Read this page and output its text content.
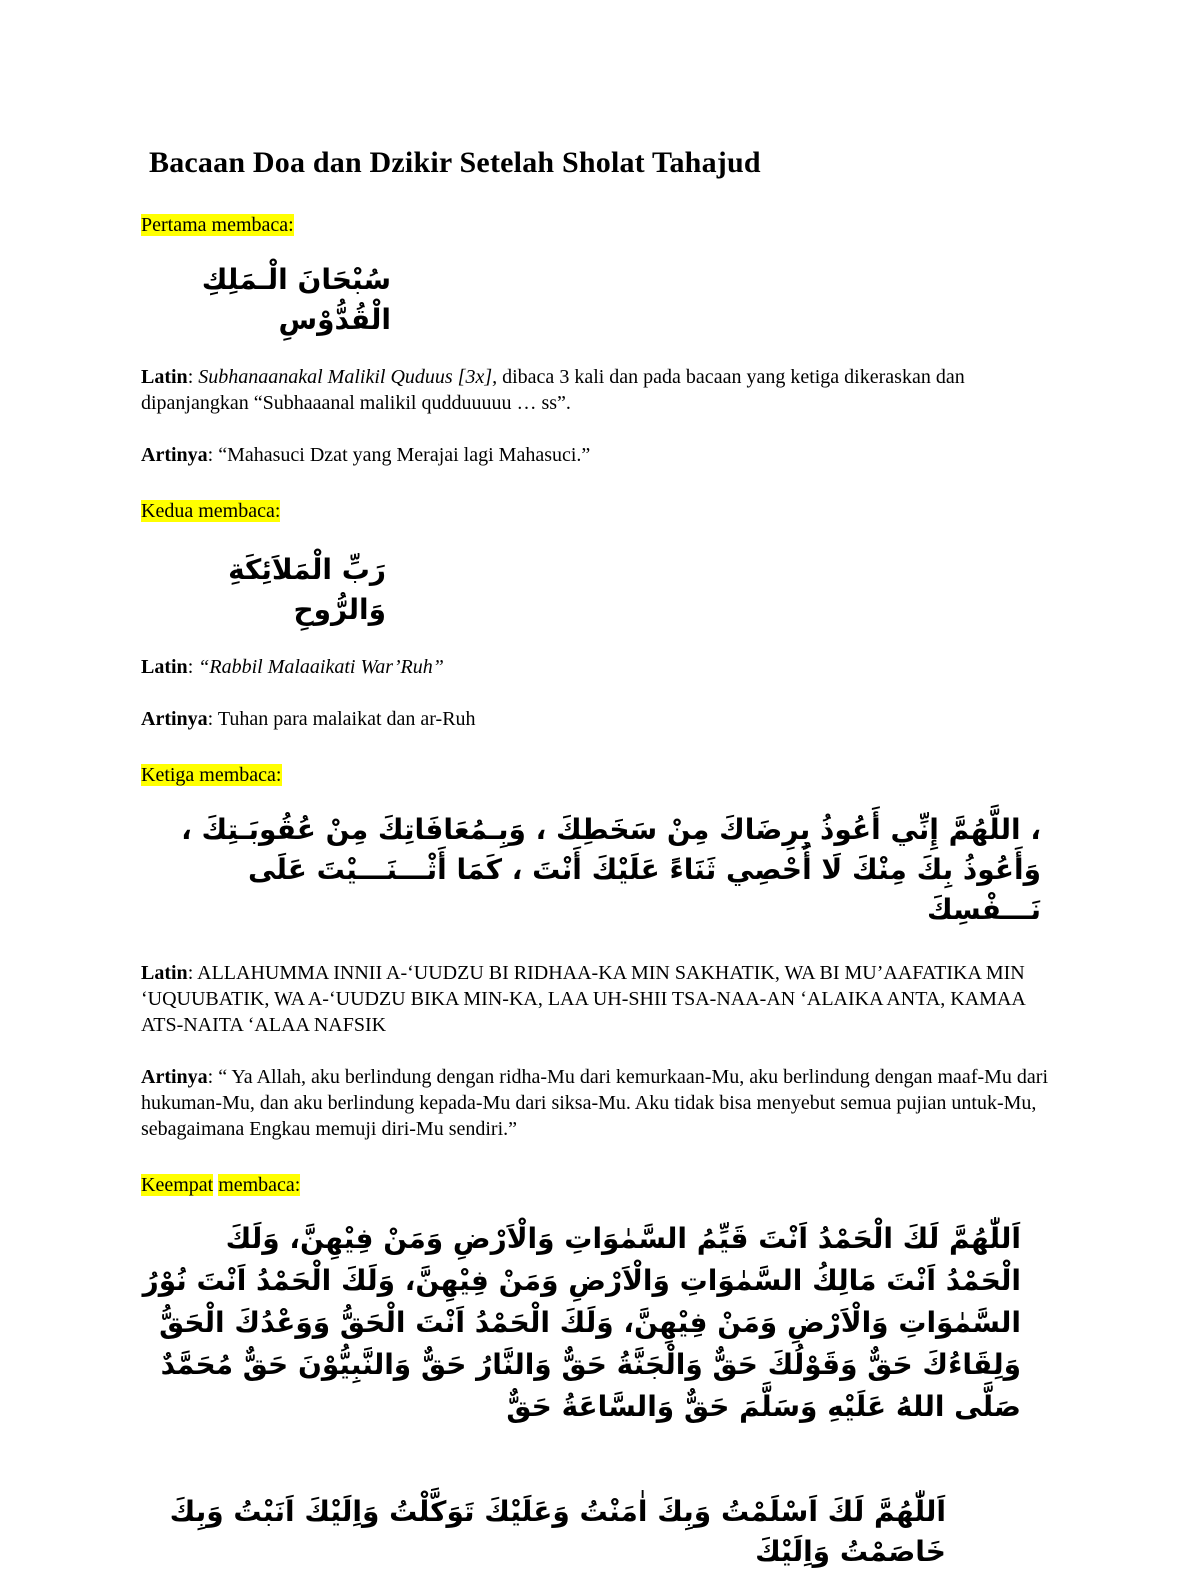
Bacaan Doa dan Dzikir Setelah Sholat Tahajud
Pertama membaca:

سُبْحَانَ الْـمَلِكِ الْقُدُّوْسِ

Latin: Subhanaanakal Malikil Quduus [3x], dibaca 3 kali dan pada bacaan yang ketiga dikeraskan dan dipanjangkan “Subhaaanal malikil qudduuuuu … ss”.
Artinya: “Mahasuci Dzat yang Merajai lagi Mahasuci.”
Kedua membaca:

رَبِّ الْمَلاَئِكَةِ وَالرُّوحِ

Latin: “Rabbil Malaaikati War’Ruh”
Artinya: Tuhan para malaikat dan ar-Ruh
Ketiga membaca:

، اللَّهُمَّ إِنِّي أَعُوذُ بِرِضَاكَ مِنْ سَخَطِكَ ، وَبِـمُعَافَاتِكَ مِنْ عُقُوبَـتِكَ ، وَأَعُوذُ بِكَ مِنْكَ لَا أُحْصِي ثَنَاءً عَلَيْكَ أَنْتَ ، كَمَا أَثْـــنَـــيْتَ عَلَى نَـــفْسِكَ

Latin: ALLAHUMMA INNII A-‘UUDZU BI RIDHAA-KA MIN SAKHATIK, WA BI MU’AAFATIKA MIN ‘UQUUBATIK, WA A-‘UUDZU BIKA MIN-KA, LAA UH-SHII TSA-NAA-AN ‘ALAIKA ANTA, KAMAA ATS-NAITA ‘ALAA NAFSIK
Artinya: “ Ya Allah, aku berlindung dengan ridha-Mu dari kemurkaan-Mu, aku berlindung dengan maaf-Mu dari hukuman-Mu, dan aku berlindung kepada-Mu dari siksa-Mu. Aku tidak bisa menyebut semua pujian untuk-Mu, sebagaimana Engkau memuji diri-Mu sendiri.”
Keempat membaca:

اَللّٰهُمَّ لَكَ الْحَمْدُ اَنْتَ قَيِّمُ السَّمٰوَاتِ وَالْاَرْضِ وَمَنْ فِيْهِنَّ، وَلَكَ الْحَمْدُ اَنْتَ مَالِكُ السَّمٰوَاتِ وَالْاَرْضِ وَمَنْ فِيْهِنَّ، وَلَكَ الْحَمْدُ اَنْتَ نُوْرُ السَّمٰوَاتِ وَالْاَرْضِ وَمَنْ فِيْهِنَّ، وَلَكَ الْحَمْدُ اَنْتَ الْحَقُّ وَوَعْدُكَ الْحَقُّ وَلِقَاءُكَ حَقٌّ وَقَوْلُكَ حَقٌّ وَالْجَنَّةُ حَقٌّ وَالنَّارُ حَقٌّ وَالنَّبِيُّوْنَ حَقٌّ مُحَمَّدٌ صَلَّى اللهُ عَلَيْهِ وَسَلَّمَ حَقٌّ وَالسَّاعَةُ حَقٌّ

اَللّٰهُمَّ لَكَ اَسْلَمْتُ وَبِكَ اٰمَنْتُ وَعَلَيْكَ تَوَكَّلْتُ وَاِلَيْكَ اَنَبْتُ وَبِكَ خَاصَمْتُ وَاِلَيْكَ
